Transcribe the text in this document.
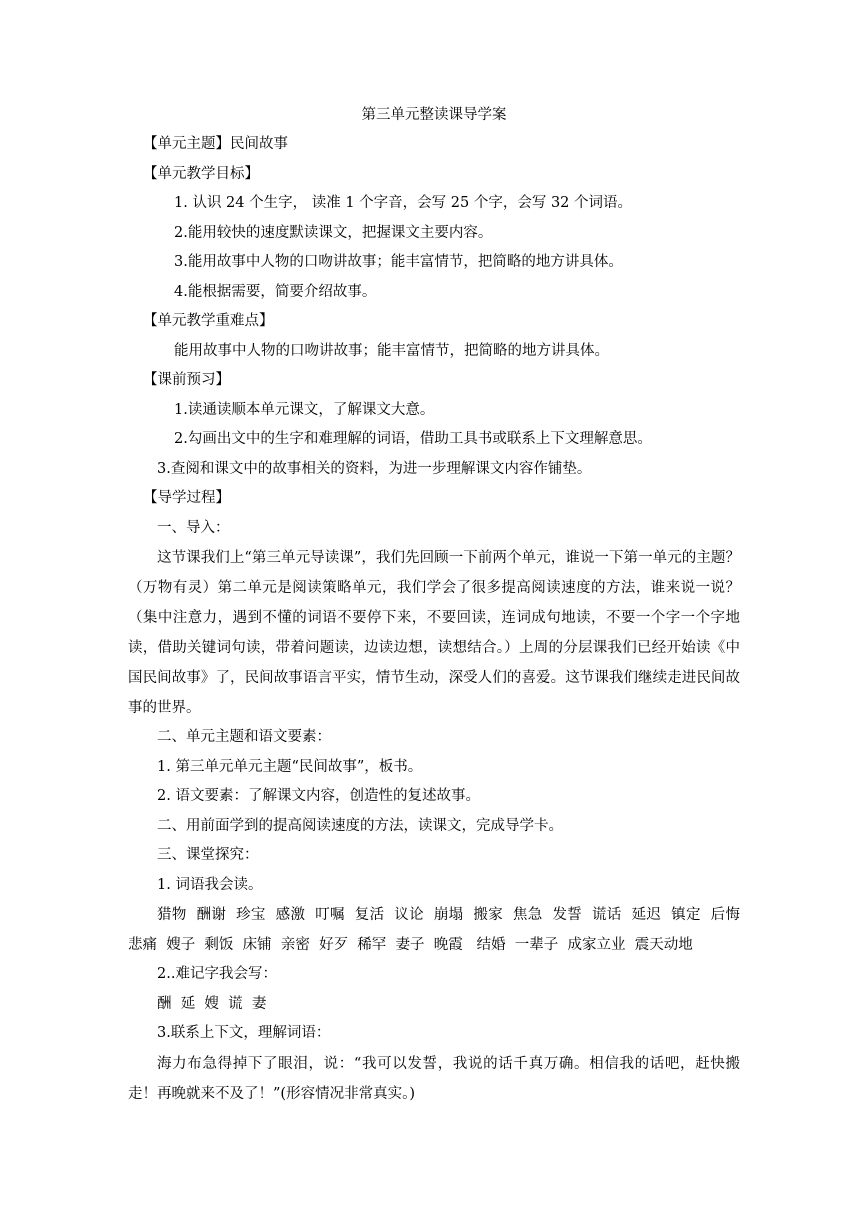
第三单元整读课导学案

【单元主题】民间故事

【单元教学目标】

1. 认识 24 个生字， 读准 1 个字音，会写 25 个字，会写 32 个词语。

2.能用较快的速度默读课文，把握课文主要内容。

3.能用故事中人物的口吻讲故事；能丰富情节，把简略的地方讲具体。

4.能根据需要，简要介绍故事。

【单元教学重难点】

能用故事中人物的口吻讲故事；能丰富情节，把简略的地方讲具体。

【课前预习】

1.读通读顺本单元课文，了解课文大意。

2.勾画出文中的生字和难理解的词语，借助工具书或联系上下文理解意思。

3.查阅和课文中的故事相关的资料，为进一步理解课文内容作铺垫。

【导学过程】

一、导入：

这节课我们上“第三单元导读课”，我们先回顾一下前两个单元，谁说一下第一单元的主题？（万物有灵）第二单元是阅读策略单元，我们学会了很多提高阅读速度的方法，谁来说一说？（集中注意力，遇到不懂的词语不要停下来，不要回读，连词成句地读，不要一个字一个字地读，借助关键词句读，带着问题读，边读边想，读想结合。）上周的分层课我们已经开始读《中国民间故事》了，民间故事语言平实，情节生动，深受人们的喜爱。这节课我们继续走进民间故事的世界。

二、单元主题和语文要素：

1. 第三单元单元主题“民间故事”，板书。

2. 语文要素：了解课文内容，创造性的复述故事。

二、用前面学到的提高阅读速度的方法，读课文，完成导学卡。

三、课堂探究：

1. 词语我会读。

猎物  酬谢  珍宝  感激  叮嘱  复活  议论  崩塌  搬家  焦急  发誓  谎话  延迟  镇定  后悔  悲痛  嫂子  剩饭  床铺  亲密  好歹  稀罕  妻子  晚霞   结婚  一辈子  成家立业  震天动地

2..难记字我会写：

酬  延  嫂  谎  妻

3.联系上下文，理解词语：

海力布急得掉下了眼泪，说：“我可以发誓，我说的话千真万确。相信我的话吧，赶快搬走！再晚就来不及了！”(形容情况非常真实。)
